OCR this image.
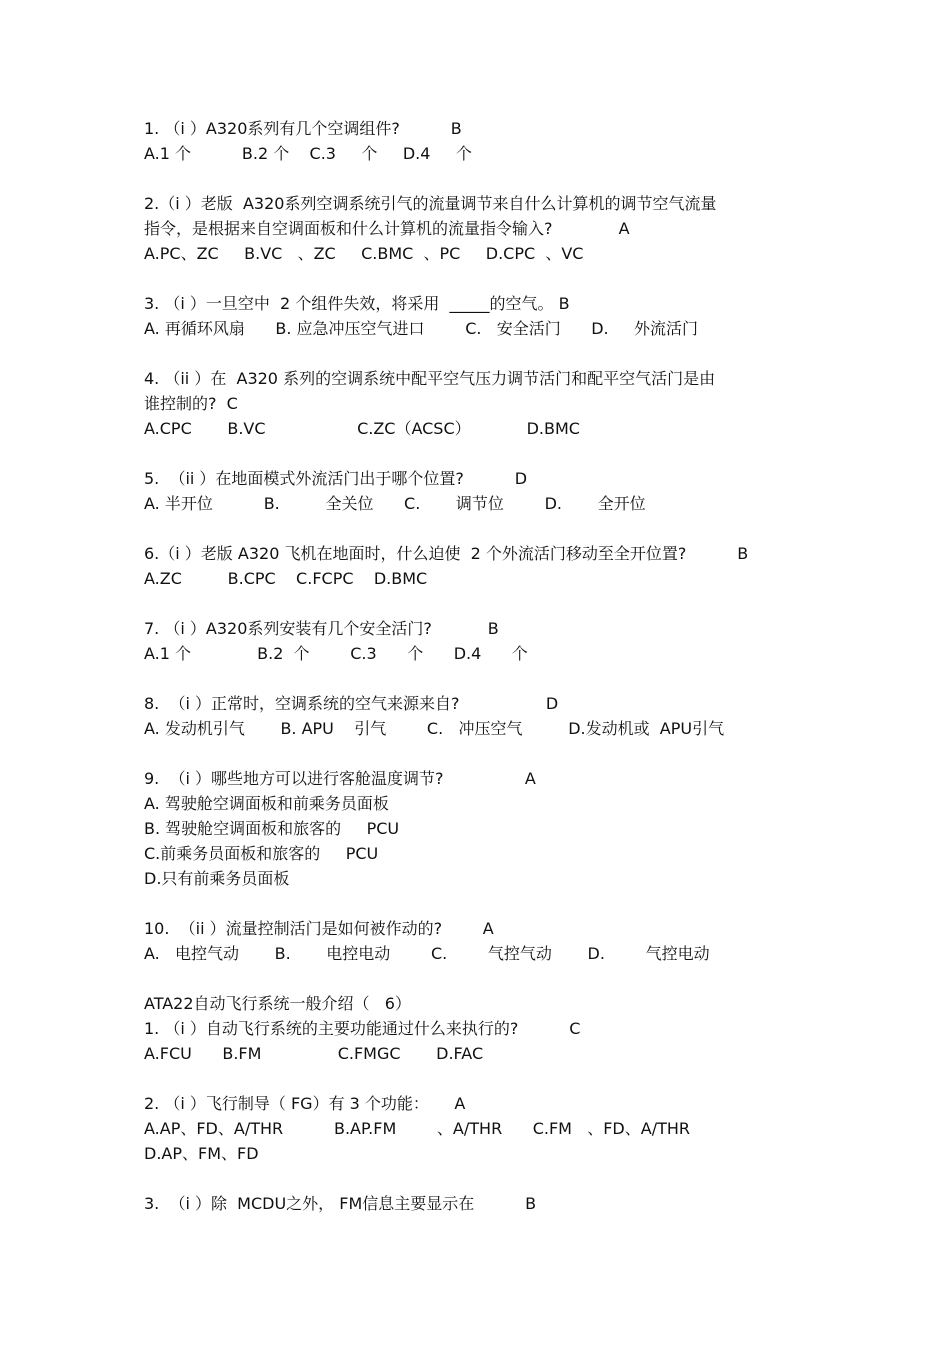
1. （i ）A320系列有几个空调组件?          B
A.1 个          B.2 个    C.3     个     D.4     个
2.（i ）老版  A320系列空调系统引气的流量调节来自什么计算机的调节空气流量
指令，是根据来自空调面板和什么计算机的流量指令输入?             A
A.PC、ZC     B.VC   、ZC     C.BMC  、PC     D.CPC  、VC
3. （i ）一旦空中  2 个组件失效，将采用  _____的空气。 B
A. 再循环风扇      B. 应急冲压空气进口        C.   安全活门      D.     外流活门
4. （ii ）在  A320 系列的空调系统中配平空气压力调节活门和配平空气活门是由
谁控制的?  C
A.CPC       B.VC                  C.ZC（ACSC）           D.BMC
5.  （ii ）在地面模式外流活门出于哪个位置?          D
A. 半开位          B.         全关位      C.       调节位        D.       全开位
6.（i ）老版 A320 飞机在地面时，什么迫使  2 个外流活门移动至全开位置?          B
A.ZC         B.CPC    C.FCPC    D.BMC
7. （i ）A320系列安装有几个安全活门?           B
A.1 个             B.2  个        C.3      个      D.4      个
8.  （i ）正常时，空调系统的空气来源来自?                 D
A. 发动机引气       B. APU    引气        C.   冲压空气         D.发动机或  APU引气
9.  （i ）哪些地方可以进行客舱温度调节?                A
A. 驾驶舱空调面板和前乘务员面板
B. 驾驶舱空调面板和旅客的     PCU
C.前乘务员面板和旅客的     PCU
D.只有前乘务员面板
10.  （ii ）流量控制活门是如何被作动的?        A
A.   电控气动       B.       电控电动        C.        气控气动       D.        气控电动
ATA22自动飞行系统一般介绍（   6）
1. （i ）自动飞行系统的主要功能通过什么来执行的?          C
A.FCU      B.FM               C.FMGC       D.FAC
2. （i ）飞行制导（ FG）有 3 个功能：     A
A.AP、FD、A/THR          B.AP.FM        、A/THR      C.FM   、FD、A/THR
D.AP、FM、FD
3.  （i ）除  MCDU之外， FM信息主要显示在          B
